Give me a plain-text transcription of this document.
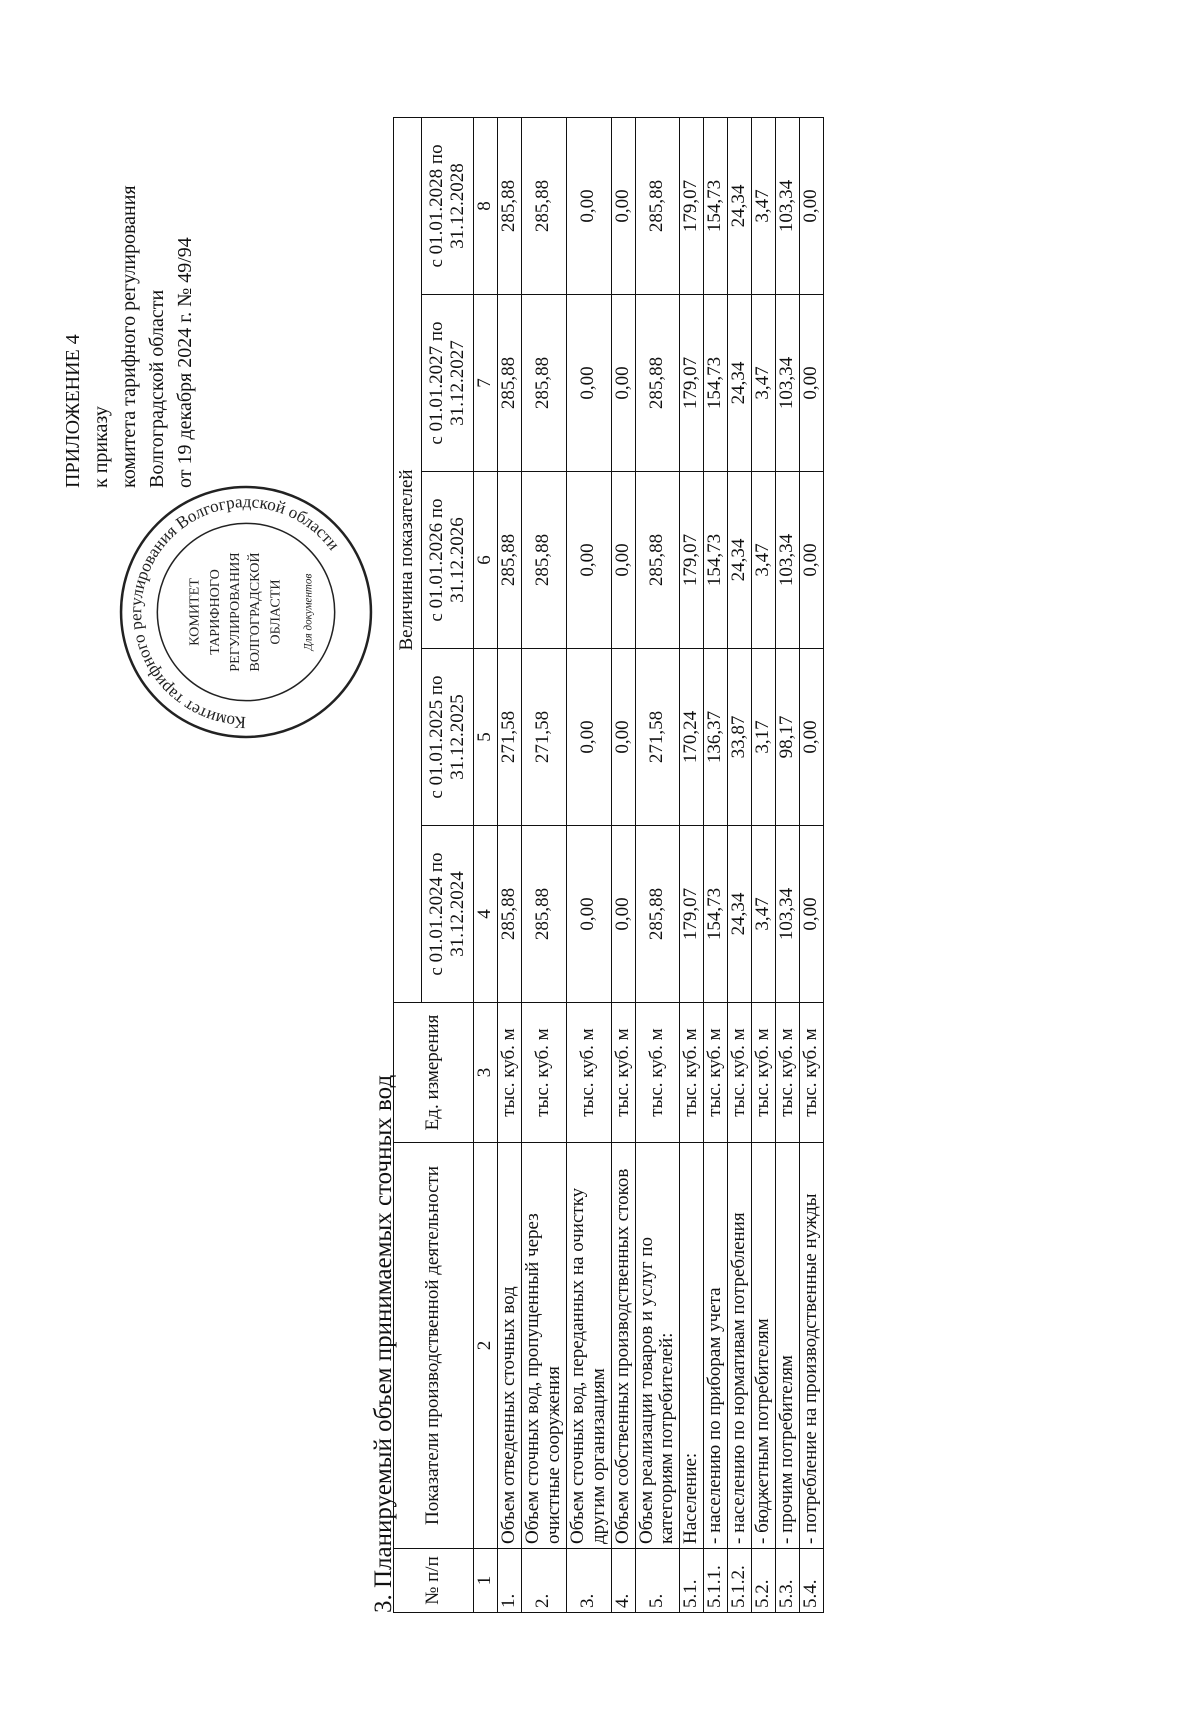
ПРИЛОЖЕНИЕ 4 к приказу комитета тарифного регулирования Волгоградской области от 19 декабря 2024 г. № 49/94
Комитет тарифного регулирования Волгоградской области
КОМИТЕТ ТАРИФНОГО РЕГУЛИРОВАНИЯ ВОЛГОГРАДСКОЙ ОБЛАСТИ Для документов
3. Планируемый объем принимаемых сточных вод № п/п	Показатели производственной деятельности	Ед. измерения	Величина показателей				
			с 01.01.2024 по 31.12.2024	с 01.01.2025 по 31.12.2025	с 01.01.2026 по 31.12.2026	с 01.01.2027 по 31.12.2027	с 01.01.2028 по 31.12.2028
1	2	3	4	5	6	7	8
1.	Объем отведенных сточных вод	тыс. куб. м	285,88	271,58	285,88	285,88	285,88
2.	Объем сточных вод, пропущенный через очистные сооружения	тыс. куб. м	285,88	271,58	285,88	285,88	285,88
3.	Объем сточных вод, переданных на очистку другим организациям	тыс. куб. м	0,00	0,00	0,00	0,00	0,00
4.	Объем собственных производственных стоков	тыс. куб. м	0,00	0,00	0,00	0,00	0,00
5.	Объем реализации товаров и услуг по категориям потребителей:	тыс. куб. м	285,88	271,58	285,88	285,88	285,88
5.1.	Население:	тыс. куб. м	179,07	170,24	179,07	179,07	179,07
5.1.1.	- населению по приборам учета	тыс. куб. м	154,73	136,37	154,73	154,73	154,73
5.1.2.	- населению по нормативам потребления	тыс. куб. м	24,34	33,87	24,34	24,34	24,34
5.2.	- бюджетным потребителям	тыс. куб. м	3,47	3,17	3,47	3,47	3,47
5.3.	- прочим потребителям	тыс. куб. м	103,34	98,17	103,34	103,34	103,34
5.4.	- потребление на производственные нужды	тыс. куб. м	0,00	0,00	0,00	0,00	0,00
